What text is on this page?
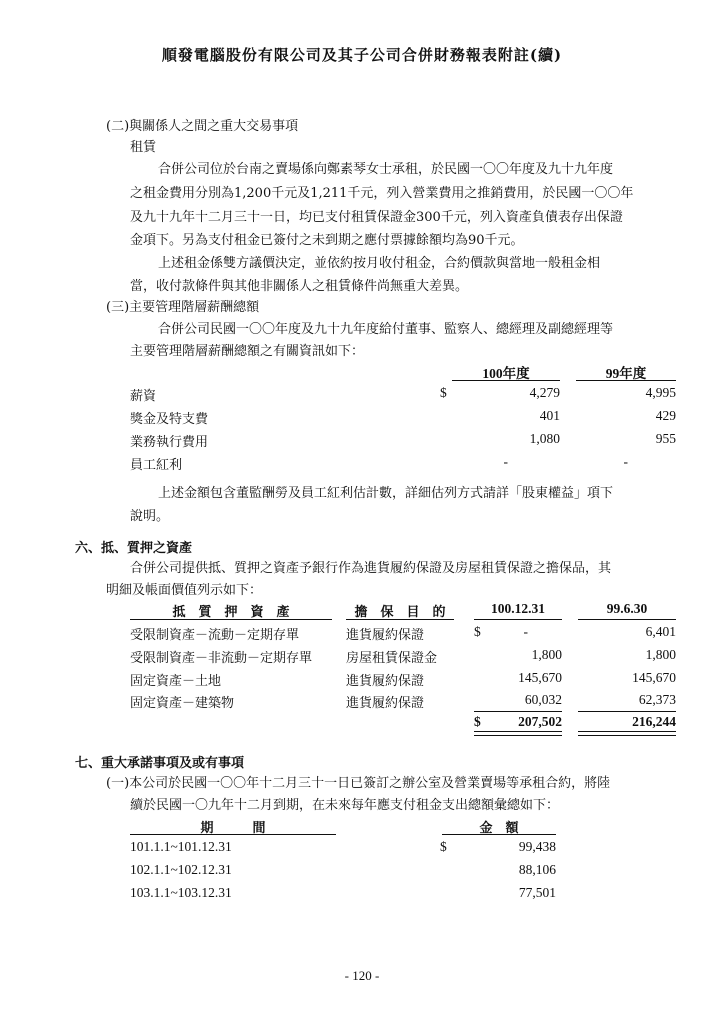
順發電腦股份有限公司及其子公司合併財務報表附註(續)
(二)與關係人之間之重大交易事項
租賃
合併公司位於台南之賣場係向鄭素琴女士承租，於民國一〇〇年度及九十九年度
之租金費用分別為1,200千元及1,211千元，列入營業費用之推銷費用，於民國一〇〇年
及九十九年十二月三十一日，均已支付租賃保證金300千元，列入資產負債表存出保證
金項下。另為支付租金已簽付之未到期之應付票據餘額均為90千元。
上述租金係雙方議價決定，並依約按月收付租金，合約價款與當地一般租金相
當，收付款條件與其他非關係人之租賃條件尚無重大差異。
(三)主要管理階層薪酬總額
合併公司民國一〇〇年度及九十九年度給付董事、監察人、總經理及副總經理等
主要管理階層薪酬總額之有關資訊如下：
100年度	99年度
薪資	$	4,279	4,995
獎金及特支費	401	429
業務執行費用	1,080	955
員工紅利	-	-
上述金額包含董監酬勞及員工紅利估計數，詳細估列方式請詳「股東權益」項下
說明。
六、抵、質押之資產
合併公司提供抵、質押之資產予銀行作為進貨履約保證及房屋租賃保證之擔保品，其
明細及帳面價值列示如下：
抵　質　押　資　產	擔　保　目　的	100.12.31	99.6.30
受限制資產－流動－定期存單	進貨履約保證	$	-	6,401
受限制資產－非流動－定期存單	房屋租賃保證金	1,800	1,800
固定資產－土地	進貨履約保證	145,670	145,670
固定資產－建築物	進貨履約保證	60,032	62,373
$	207,502	216,244
七、重大承諾事項及或有事項
(一)本公司於民國一〇〇年十二月三十一日已簽訂之辦公室及營業賣場等承租合約，將陸
續於民國一〇九年十二月到期，在未來每年應支付租金支出總額彙總如下：
期　　　間	金　額
101.1.1~101.12.31	$	99,438
102.1.1~102.12.31	88,106
103.1.1~103.12.31	77,501
- 120 -
